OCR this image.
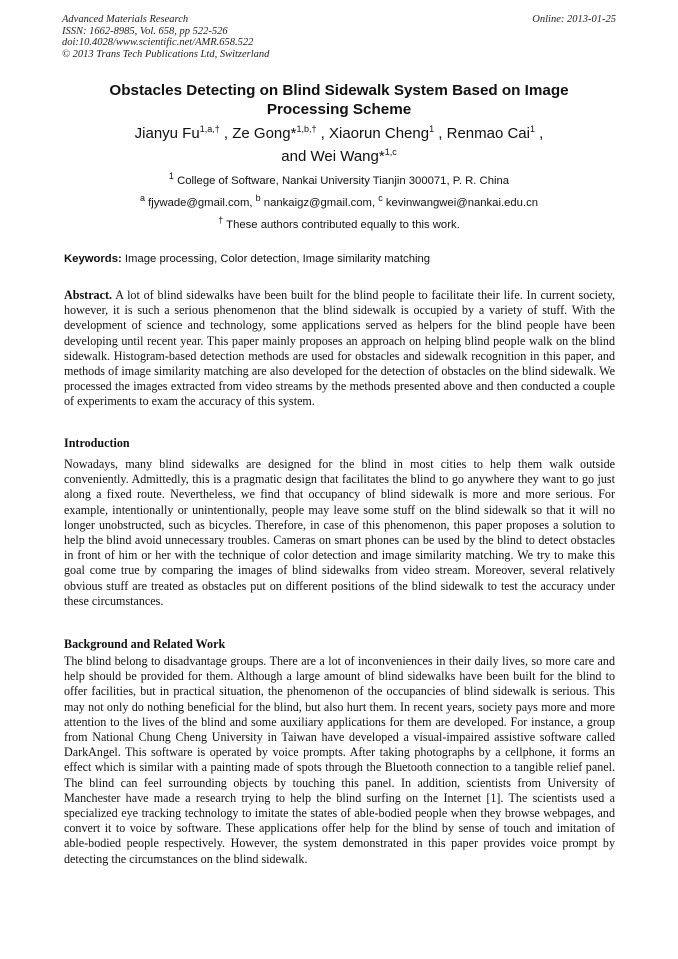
Advanced Materials Research
ISSN: 1662-8985, Vol. 658, pp 522-526
doi:10.4028/www.scientific.net/AMR.658.522
© 2013 Trans Tech Publications Ltd, Switzerland
Online: 2013-01-25
Obstacles Detecting on Blind Sidewalk System Based on Image Processing Scheme
Jianyu $Fu^{1,a,\dagger}$ , Ze Gong*$^{1,b,\dagger}$ , Xiaorun Cheng$^1$ , Renmao Cai$^1$ ,
and Wei Wang*$^{1,c}$
$^1$ College of Software, Nankai University Tianjin 300071, P. R. China
$^a$ fjywade@gmail.com, $^b$ nankaigz@gmail.com, $^c$ kevinwangwei@nankai.edu.cn
† These authors contributed equally to this work.
Keywords: Image processing, Color detection, Image similarity matching

Abstract. A lot of blind sidewalks have been built for the blind people to facilitate their life. In current society, however, it is such a serious phenomenon that the blind sidewalk is occupied by a variety of stuff. With the development of science and technology, some applications served as helpers for the blind people have been developing until recent year. This paper mainly proposes an approach on helping blind people walk on the blind sidewalk. Histogram-based detection methods are used for obstacles and sidewalk recognition in this paper, and methods of image similarity matching are also developed for the detection of obstacles on the blind sidewalk. We processed the images extracted from video streams by the methods presented above and then conducted a couple of experiments to exam the accuracy of this system.

Introduction

Nowadays, many blind sidewalks are designed for the blind in most cities to help them walk outside conveniently. Admittedly, this is a pragmatic design that facilitates the blind to go anywhere they want to go just along a fixed route. Nevertheless, we find that occupancy of blind sidewalk is more and more serious. For example, intentionally or unintentionally, people may leave some stuff on the blind sidewalk so that it will no longer unobstructed, such as bicycles. Therefore, in case of this phenomenon, this paper proposes a solution to help the blind avoid unnecessary troubles. Cameras on smart phones can be used by the blind to detect obstacles in front of him or her with the technique of color detection and image similarity matching. We try to make this goal come true by comparing the images of blind sidewalks from video stream. Moreover, several relatively obvious stuff are treated as obstacles put on different positions of the blind sidewalk to test the accuracy under these circumstances.

Background and Related Work

The blind belong to disadvantage groups. There are a lot of inconveniences in their daily lives, so more care and help should be provided for them. Although a large amount of blind sidewalks have been built for the blind to offer facilities, but in practical situation, the phenomenon of the occupancies of blind sidewalk is serious. This may not only do nothing beneficial for the blind, but also hurt them. In recent years, society pays more and more attention to the lives of the blind and some auxiliary applications for them are developed. For instance, a group from National Chung Cheng University in Taiwan have developed a visual-impaired assistive software called DarkAngel. This software is operated by voice prompts. After taking photographs by a cellphone, it forms an effect which is similar with a painting made of spots through the Bluetooth connection to a tangible relief panel. The blind can feel surrounding objects by touching this panel. In addition, scientists from University of Manchester have made a research trying to help the blind surfing on the Internet [1]. The scientists used a specialized eye tracking technology to imitate the states of able-bodied people when they browse webpages, and convert it to voice by software. These applications offer help for the blind by sense of touch and imitation of able-bodied people respectively. However, the system demonstrated in this paper provides voice prompt by detecting the circumstances on the blind sidewalk.
